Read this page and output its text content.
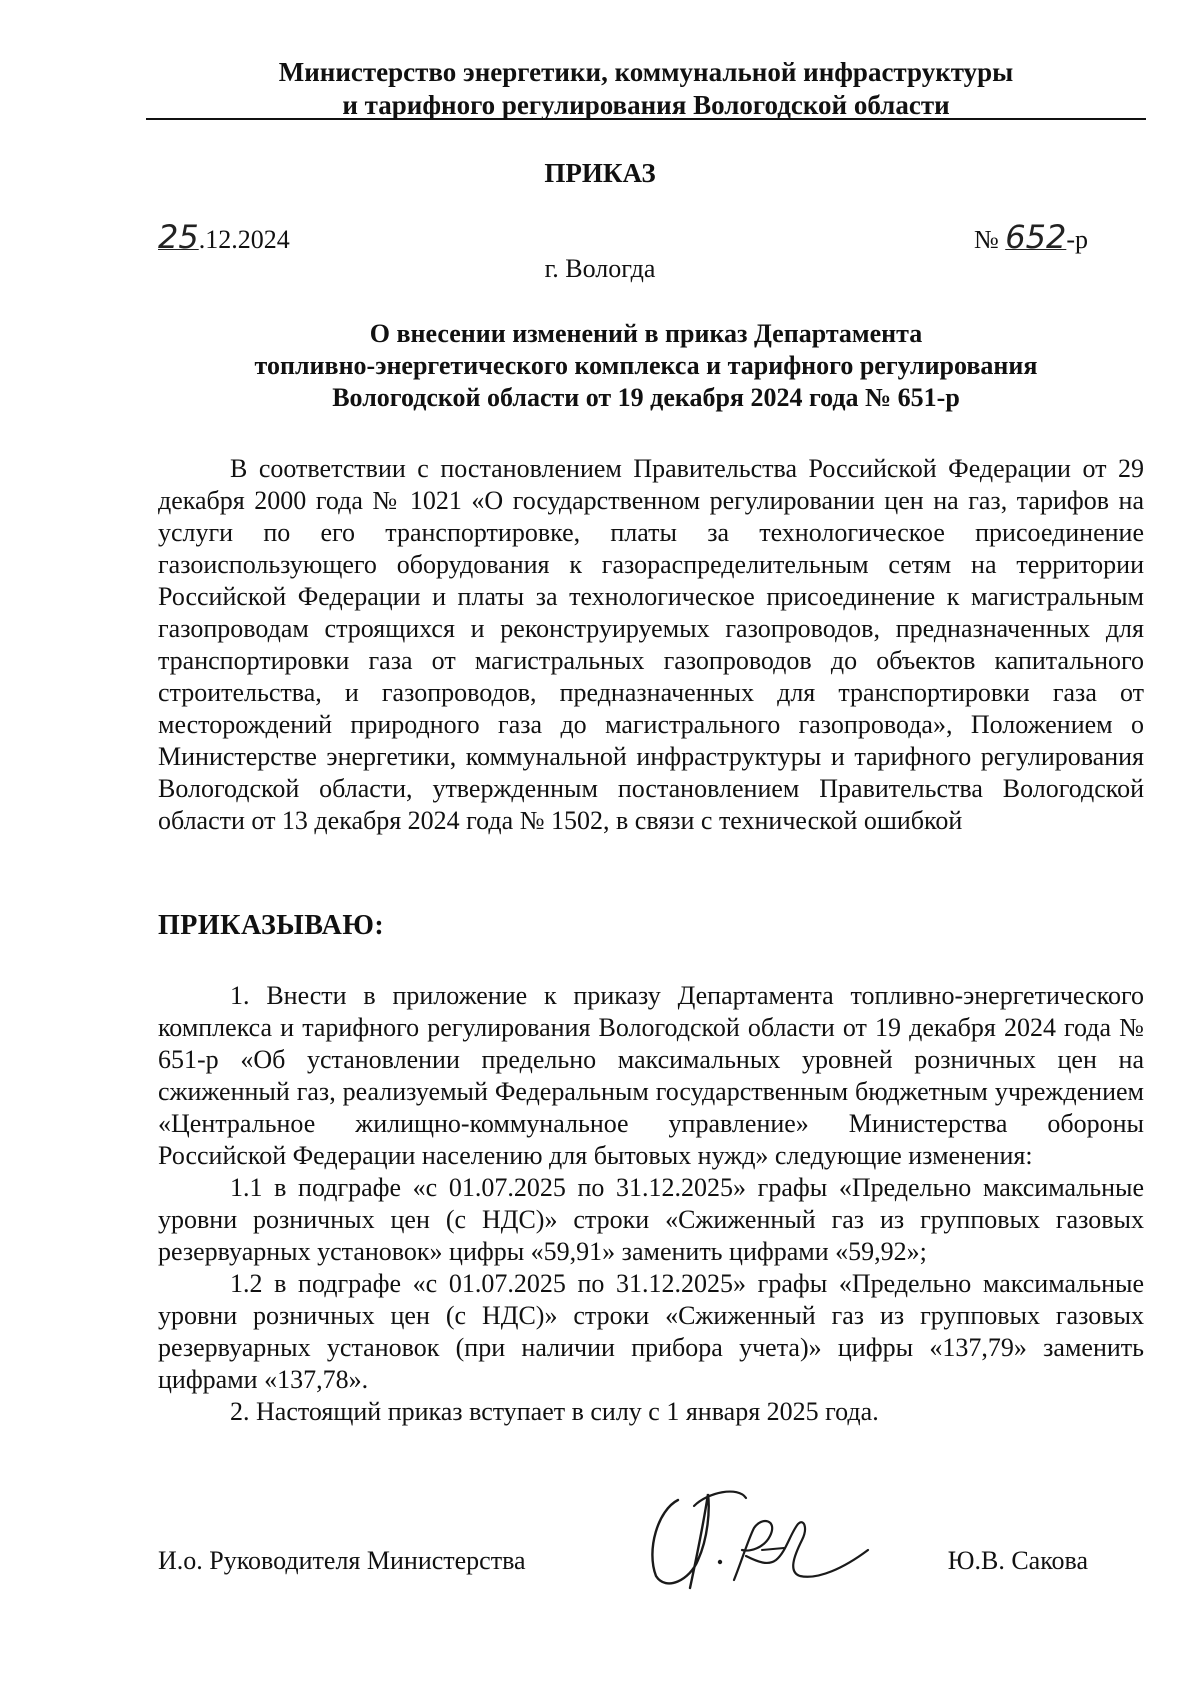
Министерство энергетики, коммунальной инфраструктуры
и тарифного регулирования Вологодской области
ПРИКАЗ
25.12.2024	№ 652-р
г. Вологда
О внесении изменений в приказ Департамента
топливно-энергетического комплекса и тарифного регулирования
Вологодской области от 19 декабря 2024 года № 651-р

В соответствии с постановлением Правительства Российской Федерации от 29 декабря 2000 года № 1021 «О государственном регулировании цен на газ, тарифов на услуги по его транспортировке, платы за технологическое присоединение газоиспользующего оборудования к газораспределительным сетям на территории Российской Федерации и платы за технологическое присоединение к магистральным газопроводам строящихся и реконструируемых газопроводов, предназначенных для транспортировки газа от магистральных газопроводов до объектов капитального строительства, и газопроводов, предназначенных для транспортировки газа от месторождений природного газа до магистрального газопровода», Положением о Министерстве энергетики, коммунальной инфраструктуры и тарифного регулирования Вологодской области, утвержденным постановлением Правительства Вологодской области от 13 декабря 2024 года № 1502, в связи с технической ошибкой

ПРИКАЗЫВАЮ:

1. Внести в приложение к приказу Департамента топливно-энергетического комплекса и тарифного регулирования Вологодской области от 19 декабря 2024 года № 651-р «Об установлении предельно максимальных уровней розничных цен на сжиженный газ, реализуемый Федеральным государственным бюджетным учреждением «Центральное жилищно-коммунальное управление» Министерства обороны Российской Федерации населению для бытовых нужд» следующие изменения:

1.1 в подграфе «с 01.07.2025 по 31.12.2025» графы «Предельно максимальные уровни розничных цен (с НДС)» строки «Сжиженный газ из групповых газовых резервуарных установок» цифры «59,91» заменить цифрами «59,92»;

1.2 в подграфе «с 01.07.2025 по 31.12.2025» графы «Предельно максимальные уровни розничных цен (с НДС)» строки «Сжиженный газ из групповых газовых резервуарных установок (при наличии прибора учета)» цифры «137,79» заменить цифрами «137,78».

2. Настоящий приказ вступает в силу с 1 января 2025 года.

И.о. Руководителя Министерства	Ю.В. Сакова
